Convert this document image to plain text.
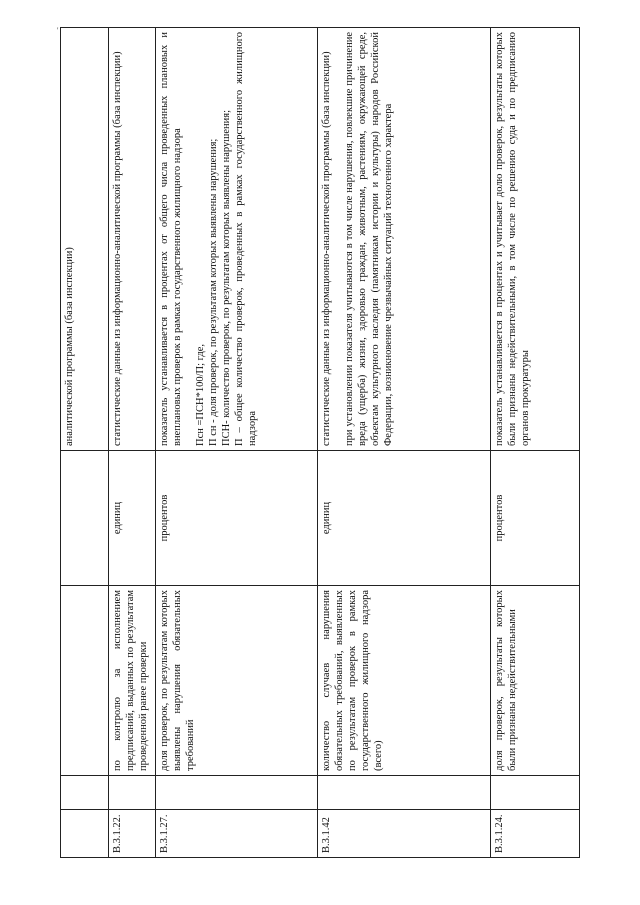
'
				аналитической программы (база инспекции)
В.3.1.22.		по контролю за исполнением предписаний, выданных по результатам проведенной ранее проверки	единиц	статистические данные из информационно-аналитической программы (база инспекции)
В.3.1.27.		доля проверок, по результатам которых выявлены нарушения обязательных требований	процентов	показатель устанавливается в процентах от общего числа проведенных плановых и внеплановых проверок в рамках государственного жилищного надзора Псн =ПСН*100/П; где, П сн - доля проверок, по результатам которых выявлены нарушения; ПСН- количество проверок, по результатам которых выявлены нарушения; П – общее количество проверок, проведенных в рамках государственного жилищного надзора

В.3.1.42		количество случаев нарушения обязательных требований, выявленных по результатам проверок в рамках государственного жилищного надзора (всего)	единиц	статистические данные из информационно-аналитической программы (база инспекции) при установлении показателя учитываются в том числе нарушения, повлекшие причинение вреда (ущерба) жизни, здоровью граждан, животным, растениям, окружающей среде, объектам культурного наследия (памятникам истории и культуры) народов Российской Федерации, возникновение чрезвычайных ситуаций техногенного характера

В.3.1.24.		доля проверок, результаты которых были признаны недействительными	процентов	показатель устанавливается в процентах и учитывает долю проверок, результаты которых были признаны недействительными, в том числе по решению суда и по предписанию органов прокуратуры
